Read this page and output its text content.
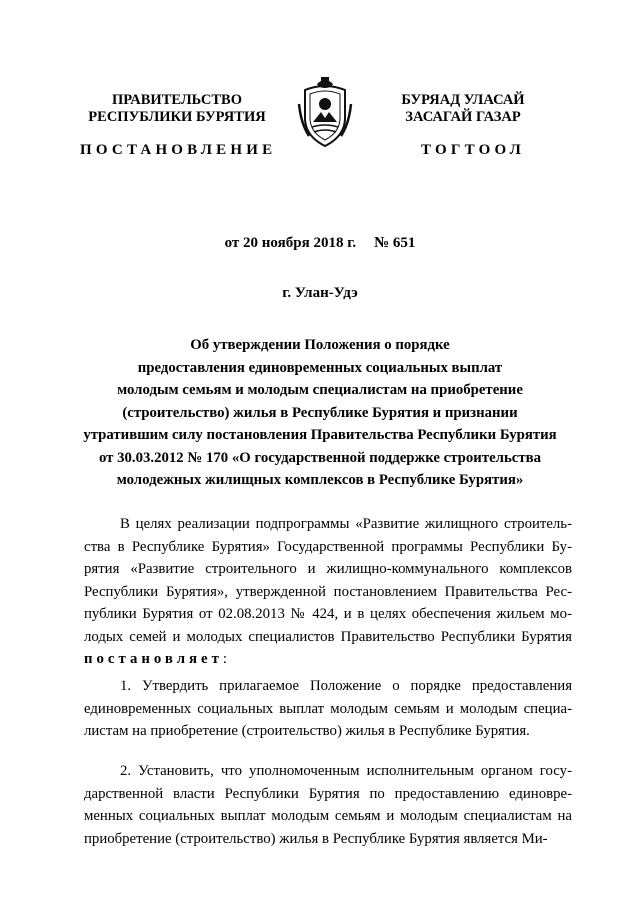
ПРАВИТЕЛЬСТВО
РЕСПУБЛИКИ БУРЯТИЯ
БУРЯАД УЛАСАЙ
ЗАСАГАЙ ГАЗАР
ПОСТАНОВЛЕНИЕ	ТОГТООЛ
от 20 ноября 2018 г. № 651
г. Улан-Удэ
Об утверждении Положения о порядке
предоставления единовременных социальных выплат
молодым семьям и молодым специалистам на приобретение
(строительство) жилья в Республике Бурятия и признании
утратившим силу постановления Правительства Республики Бурятия
от 30.03.2012 № 170 «О государственной поддержке строительства
молодежных жилищных комплексов в Республике Бурятия»
В целях реализации подпрограммы «Развитие жилищного строительства в Республике Бурятия» Государственной программы Республики Бурятия «Развитие строительного и жилищно-коммунального комплексов Республики Бурятия», утвержденной постановлением Правительства Республики Бурятия от 02.08.2013 № 424, и в целях обеспечения жильем молодых семей и молодых специалистов Правительство Республики Бурятия постановляет:
1. Утвердить прилагаемое Положение о порядке предоставления единовременных социальных выплат молодым семьям и молодым специалистам на приобретение (строительство) жилья в Республике Бурятия.
2. Установить, что уполномоченным исполнительным органом государственной власти Республики Бурятия по предоставлению единовременных социальных выплат молодым семьям и молодым специалистам на приобретение (строительство) жилья в Республике Бурятия является Ми-
